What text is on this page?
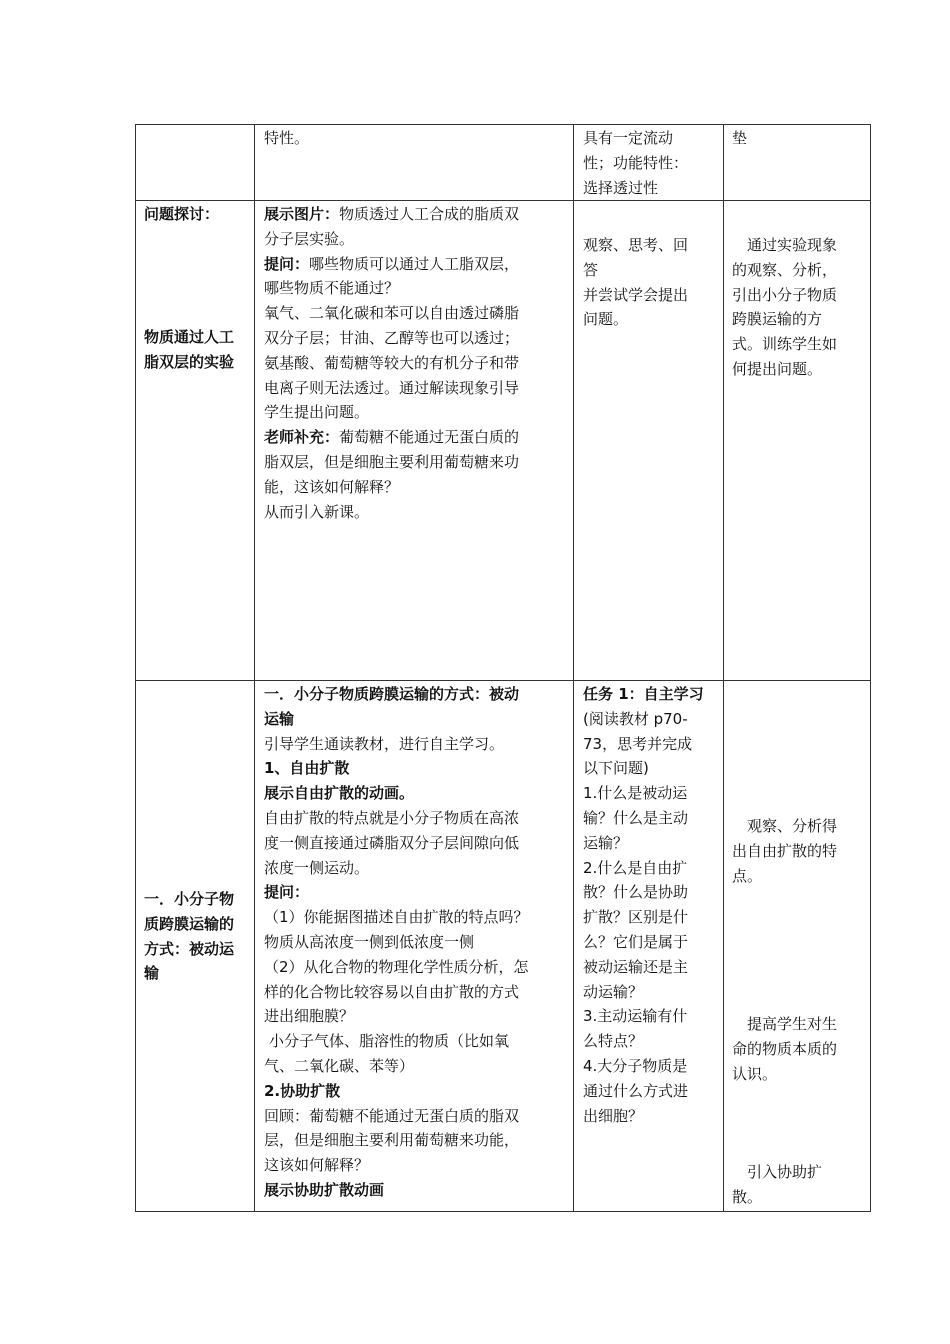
特性。	具有一定流动
性；功能特性：
选择透过性
垫
问题探讨：
物质通过人工
脂双层的实验
展示图片：物质透过人工合成的脂质双
分子层实验。
提问：哪些物质可以通过人工脂双层，
哪些物质不能通过？
氧气、二氧化碳和苯可以自由透过磷脂
双分子层；甘油、乙醇等也可以透过；
氨基酸、葡萄糖等较大的有机分子和带
电离子则无法透过。通过解读现象引导
学生提出问题。
老师补充：葡萄糖不能通过无蛋白质的
脂双层，但是细胞主要利用葡萄糖来功
能，这该如何解释？
从而引入新课。
观察、思考、回
答
并尝试学会提出
问题。
通过实验现象
的观察、分析，
引出小分子物质
跨膜运输的方
式。训练学生如
何提出问题。
一．小分子物
质跨膜运输的
方式：被动运
输
一．小分子物质跨膜运输的方式：被动
运输
引导学生通读教材，进行自主学习。
1、自由扩散
展示自由扩散的动画。
自由扩散的特点就是小分子物质在高浓
度一侧直接通过磷脂双分子层间隙向低
浓度一侧运动。
提问：
（1）你能据图描述自由扩散的特点吗？
物质从高浓度一侧到低浓度一侧
（2）从化合物的物理化学性质分析，怎
样的化合物比较容易以自由扩散的方式
进出细胞膜？
小分子气体、脂溶性的物质（比如氧
气、二氧化碳、苯等）
2.协助扩散
回顾：葡萄糖不能通过无蛋白质的脂双
层，但是细胞主要利用葡萄糖来功能，
这该如何解释？
展示协助扩散动画
任务 1：自主学习
(阅读教材 p70-
73，思考并完成
以下问题)
1.什么是被动运
输？什么是主动
运输？
2.什么是自由扩
散？什么是协助
扩散？区别是什
么？它们是属于
被动运输还是主
动运输？
3.主动运输有什
么特点？
4.大分子物质是
通过什么方式进
出细胞？
观察、分析得
出自由扩散的特
点。
提高学生对生
命的物质本质的
认识。
引入协助扩
散。
